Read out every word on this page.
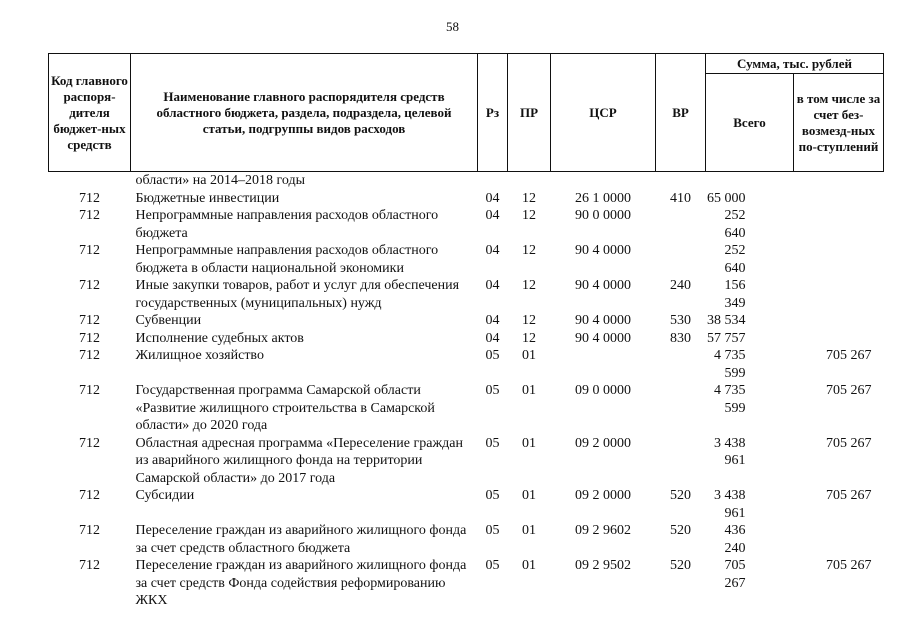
58
Код главного распоря-дителя бюджет-ных средств	Наименование главного распорядителя средств областного бюджета, раздела, подраздела, целевой статьи, подгруппы видов расходов	Рз	ПР	ЦСР	ВР	Сумма, тыс. рублей	
						Всего	в том числе за счет без-возмезд-ных по-ступлений
	области» на 2014–2018 годы						
712	Бюджетные инвестиции	04	12	26 1 0000	410	65 000	
712	Непрограммные направления расходов областного бюджета	04	12	90 0 0000		252 640	
712	Непрограммные направления расходов областного бюджета в области национальной экономики	04	12	90 4 0000		252 640	
712	Иные закупки товаров, работ и услуг для обеспечения государственных (муниципальных) нужд	04	12	90 4 0000	240	156 349	
712	Субвенции	04	12	90 4 0000	530	38 534	
712	Исполнение судебных актов	04	12	90 4 0000	830	57 757	
712	Жилищное хозяйство	05	01			4 735 599	705 267
712	Государственная программа Самарской области «Развитие жилищного строительства в Самарской области» до 2020 года	05	01	09 0 0000		4 735 599	705 267
712	Областная адресная программа «Переселение граждан из аварийного жилищного фонда на территории Самарской области» до 2017 года	05	01	09 2 0000		3 438 961	705 267
712	Субсидии	05	01	09 2 0000	520	3 438 961	705 267
712	Переселение граждан из аварийного жилищного фонда за счет средств областного бюджета	05	01	09 2 9602	520	436 240	
712	Переселение граждан из аварийного жилищного фонда за счет средств Фонда содействия реформированию ЖКХ	05	01	09 2 9502	520	705 267	705 267
